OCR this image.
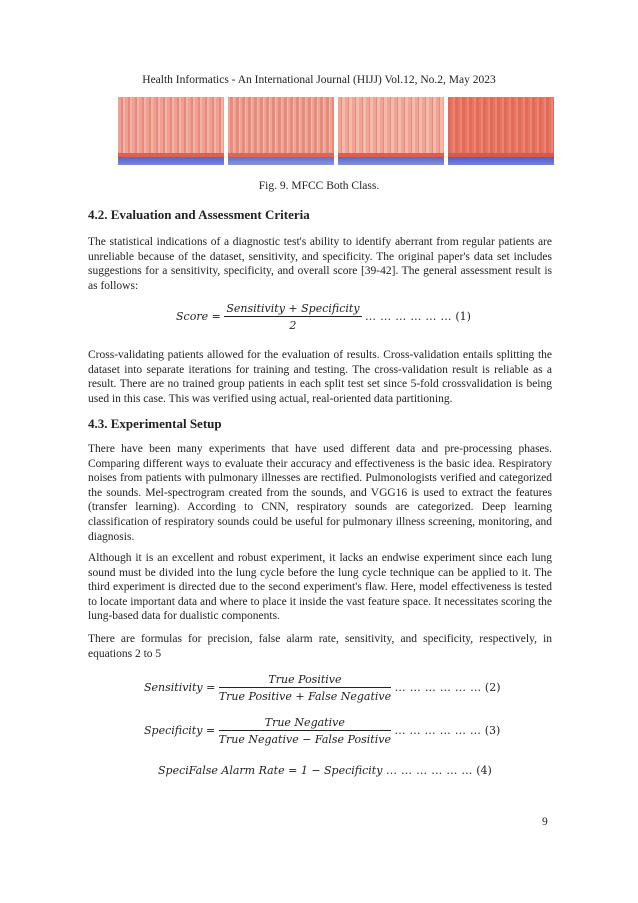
Health Informatics - An International Journal (HIJJ) Vol.12, No.2, May 2023
Fig. 9. MFCC Both Class.
4.2. Evaluation and Assessment Criteria

The statistical indications of a diagnostic test's ability to identify aberrant from regular patients are unreliable because of the dataset, sensitivity, and specificity. The original paper's data set includes suggestions for a sensitivity, specificity, and overall score [39-42]. The general assessment result is as follows:

Score = $\frac{\text{Sensitivity + Specificity}}{2}$ … … … … … … (1)

Cross-validating patients allowed for the evaluation of results. Cross-validation entails splitting the dataset into separate iterations for training and testing. The cross-validation result is reliable as a result. There are no trained group patients in each split test set since 5-fold crossvalidation is being used in this case. This was verified using actual, real-oriented data partitioning.

4.3. Experimental Setup

There have been many experiments that have used different data and pre-processing phases. Comparing different ways to evaluate their accuracy and effectiveness is the basic idea. Respiratory noises from patients with pulmonary illnesses are rectified. Pulmonologists verified and categorized the sounds. Mel-spectrogram created from the sounds, and VGG16 is used to extract the features (transfer learning). According to CNN, respiratory sounds are categorized. Deep learning classification of respiratory sounds could be useful for pulmonary illness screening, monitoring, and diagnosis.

Although it is an excellent and robust experiment, it lacks an endwise experiment since each lung sound must be divided into the lung cycle before the lung cycle technique can be applied to it. The third experiment is directed due to the second experiment's flaw. Here, model effectiveness is tested to locate important data and where to place it inside the vast feature space. It necessitates scoring the lung-based data for dualistic components.

There are formulas for precision, false alarm rate, sensitivity, and specificity, respectively, in equations 2 to 5

Sensitivity = $\frac{\text{True Positive}}{\text{True Positive + False Negative}}$ … … … … … … (2)
Specificity = $\frac{\text{True Negative}}{\text{True Negative − False Positive}}$ … … … … … … (3)
SpeciFalse Alarm Rate = 1 − Specificity … … … … … … (4)
9
